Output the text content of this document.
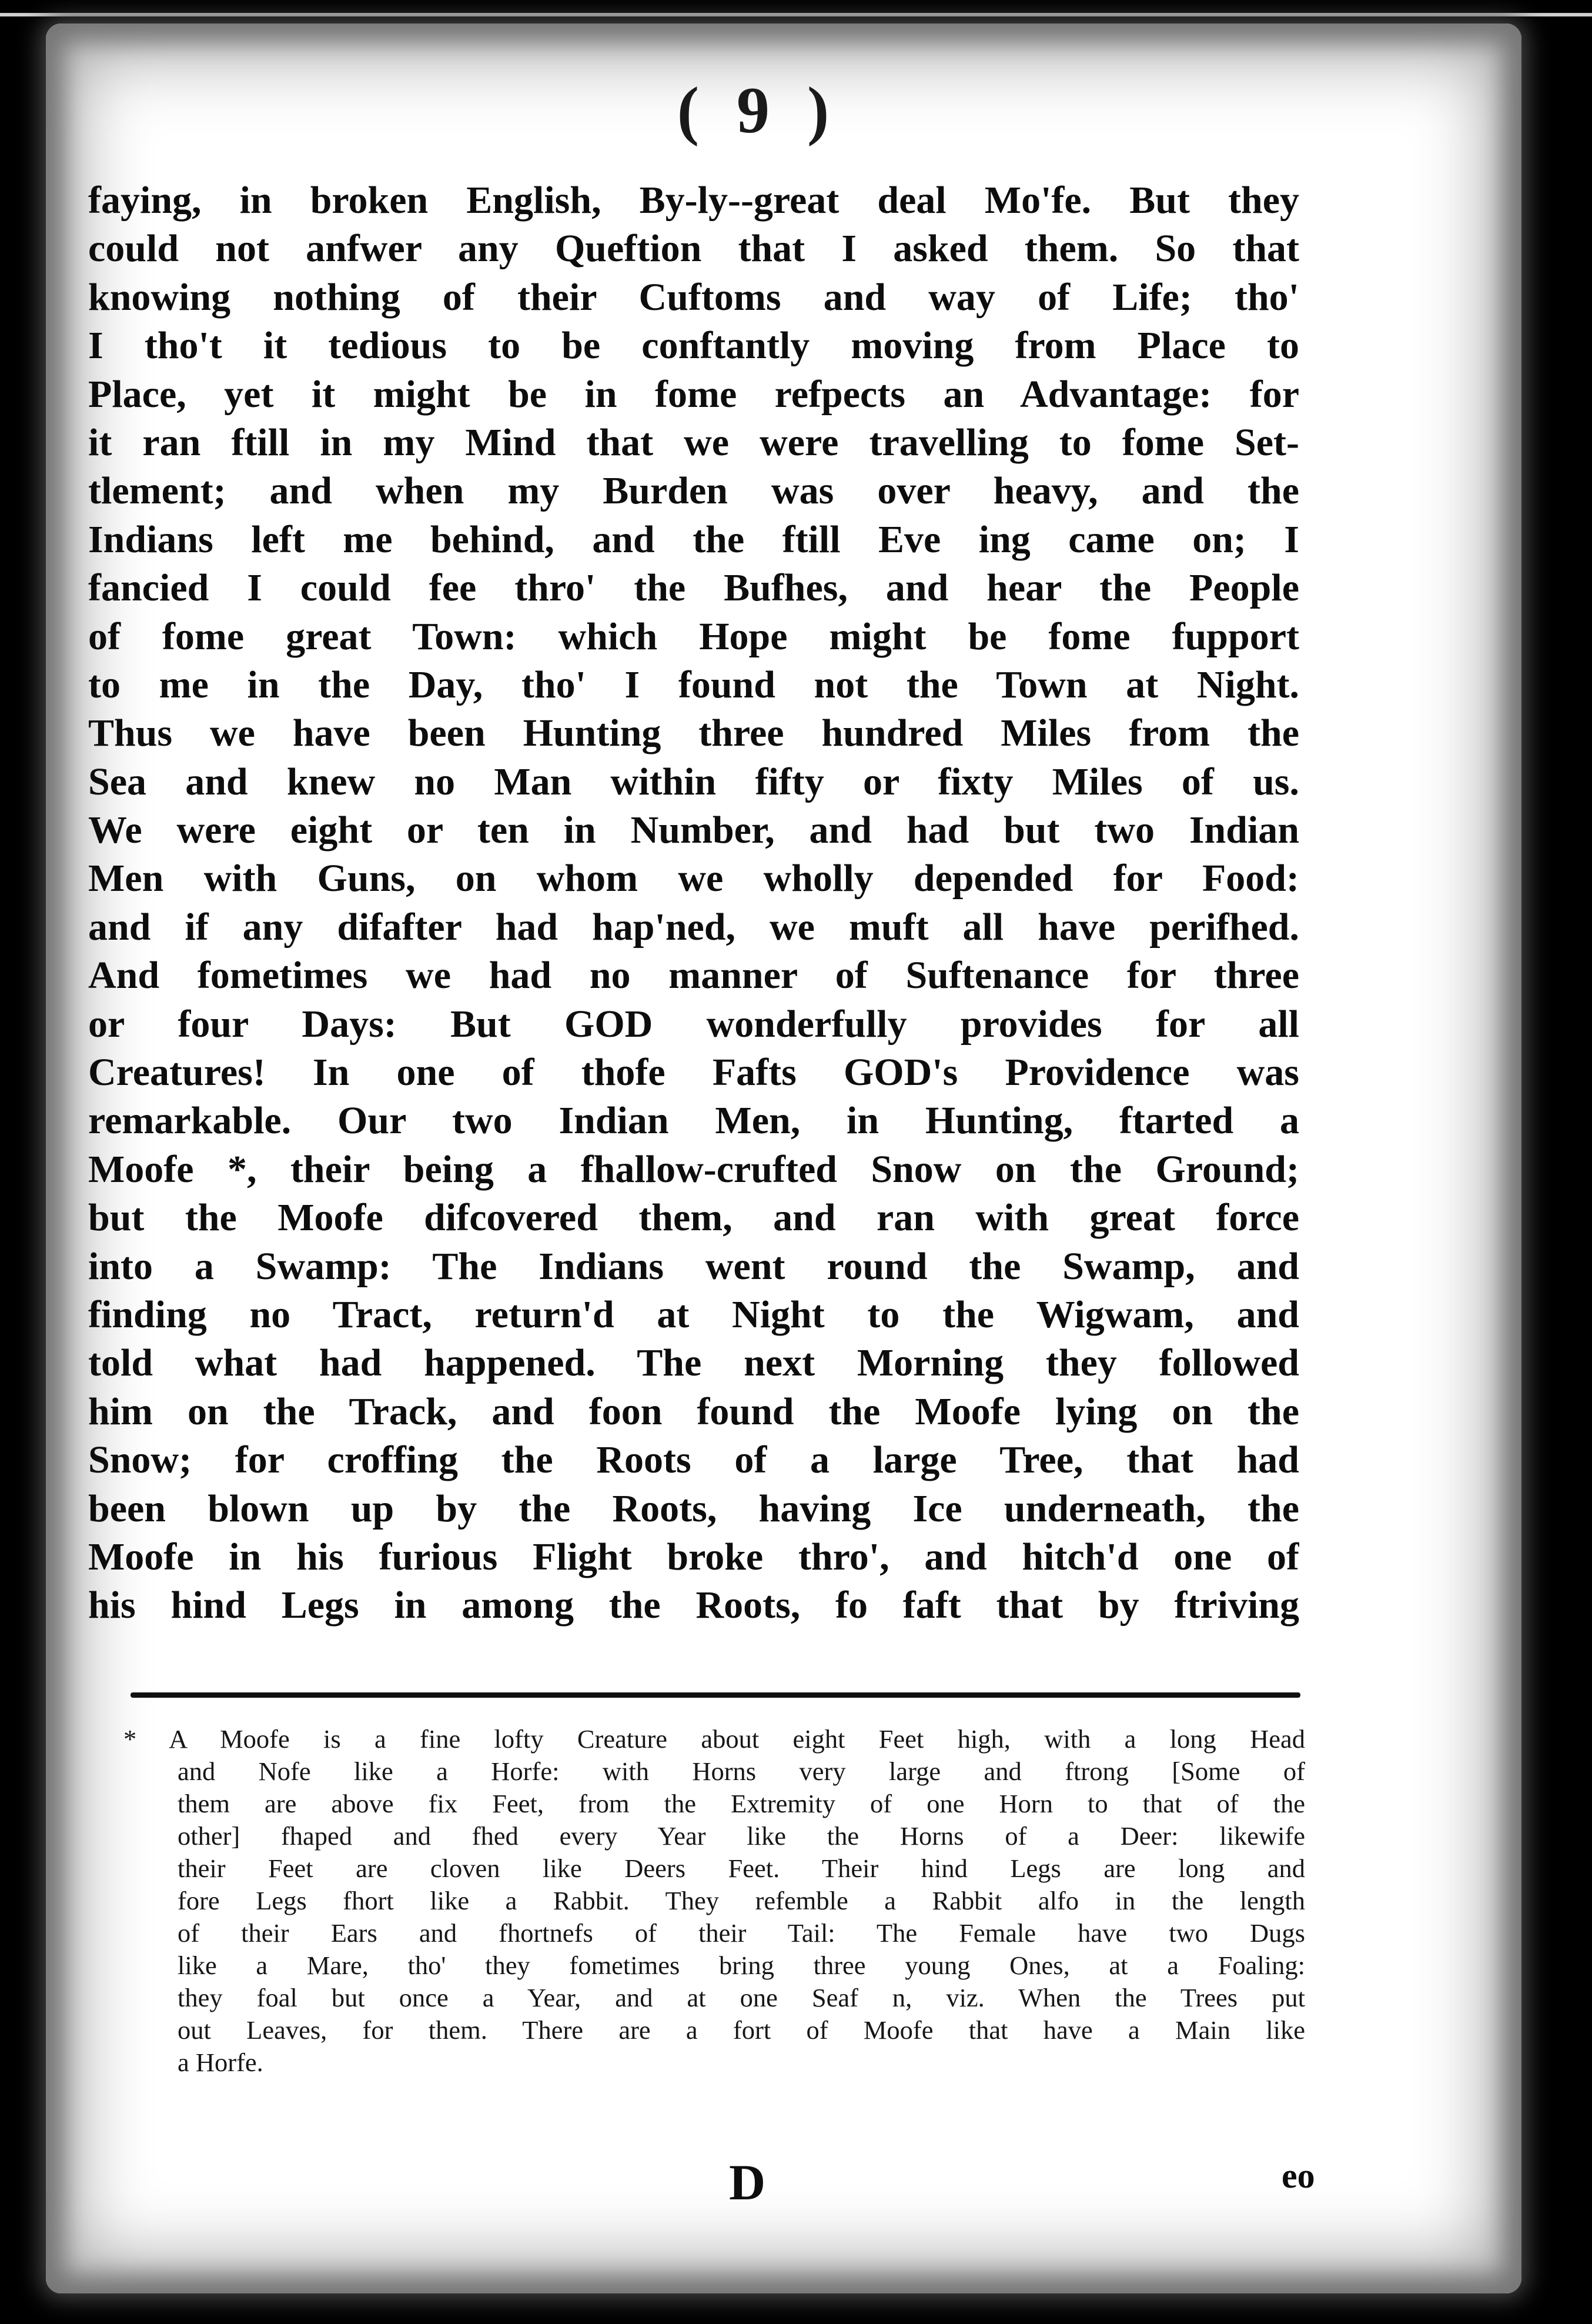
( 9 )
faying, in broken English, By-ly--great deal Mo'fe. But they
could not anfwer any Queftion that I asked them. So that
knowing nothing of their Cuftoms and way of Life; tho'
I tho't it tedious to be conftantly moving from Place to
Place, yet it might be in fome refpects an Advantage: for
it ran ftill in my Mind that we were travelling to fome Set-
tlement; and when my Burden was over heavy, and the
Indians left me behind, and the ftill Eve ing came on; I
fancied I could fee thro' the Bufhes, and hear the People
of fome great Town: which Hope might be fome fupport
to me in the Day, tho' I found not the Town at Night.
Thus we have been Hunting three hundred Miles from the
Sea and knew no Man within fifty or fixty Miles of us.
We were eight or ten in Number, and had but two Indian
Men with Guns, on whom we wholly depended for Food:
and if any difafter had hap'ned, we muft all have perifhed.
And fometimes we had no manner of Suftenance for three
or four Days: But GOD wonderfully provides for all
Creatures! In one of thofe Fafts GOD's Providence was
remarkable. Our two Indian Men, in Hunting, ftarted a
Moofe *, their being a fhallow-crufted Snow on the Ground;
but the Moofe difcovered them, and ran with great force
into a Swamp: The Indians went round the Swamp, and
finding no Tract, return'd at Night to the Wigwam, and
told what had happened. The next Morning they followed
him on the Track, and foon found the Moofe lying on the
Snow; for croffing the Roots of a large Tree, that had
been blown up by the Roots, having Ice underneath, the
Moofe in his furious Flight broke thro', and hitch'd one of
his hind Legs in among the Roots, fo faft that by ftriving
* A Moofe is a fine lofty Creature about eight Feet high, with a long Head
and Nofe like a Horfe: with Horns very large and ftrong [Some of
them are above fix Feet, from the Extremity of one Horn to that of the
other] fhaped and fhed every Year like the Horns of a Deer: likewife
their Feet are cloven like Deers Feet. Their hind Legs are long and
fore Legs fhort like a Rabbit. They refemble a Rabbit alfo in the length
of their Ears and fhortnefs of their Tail: The Female have two Dugs
like a Mare, tho' they fometimes bring three young Ones, at a Foaling:
they foal but once a Year, and at one Seaf n, viz. When the Trees put
out Leaves, for them. There are a fort of Moofe that have a Main like
a Horfe.
D	eo
